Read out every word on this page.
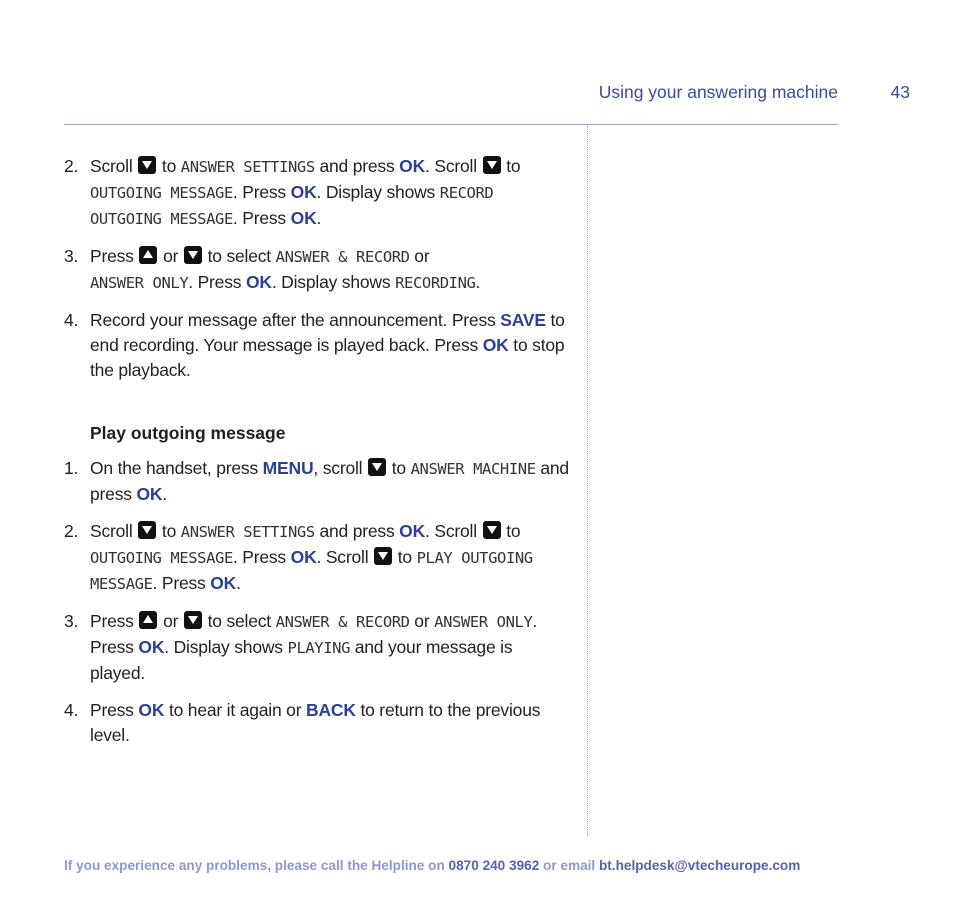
Using your answering machine	43
2. Scroll to ANSWER SETTINGS and press OK. Scroll to OUTGOING MESSAGE. Press OK. Display shows RECORD OUTGOING MESSAGE. Press OK.
3. Press or to select ANSWER & RECORD or
ANSWER ONLY. Press OK. Display shows RECORDING.
4. Record your message after the announcement. Press SAVE to end recording. Your message is played back. Press OK to stop the playback.
Play outgoing message
1. On the handset, press MENU, scroll to ANSWER MACHINE and press OK.
2. Scroll to ANSWER SETTINGS and press OK. Scroll to OUTGOING MESSAGE. Press OK. Scroll to PLAY OUTGOING MESSAGE. Press OK.
3. Press or to select ANSWER & RECORD or ANSWER ONLY. Press OK. Display shows PLAYING and your message is played.
4. Press OK to hear it again or BACK to return to the previous level.
If you experience any problems, please call the Helpline on 0870 240 3962 or email bt.helpdesk@vtecheurope.com
